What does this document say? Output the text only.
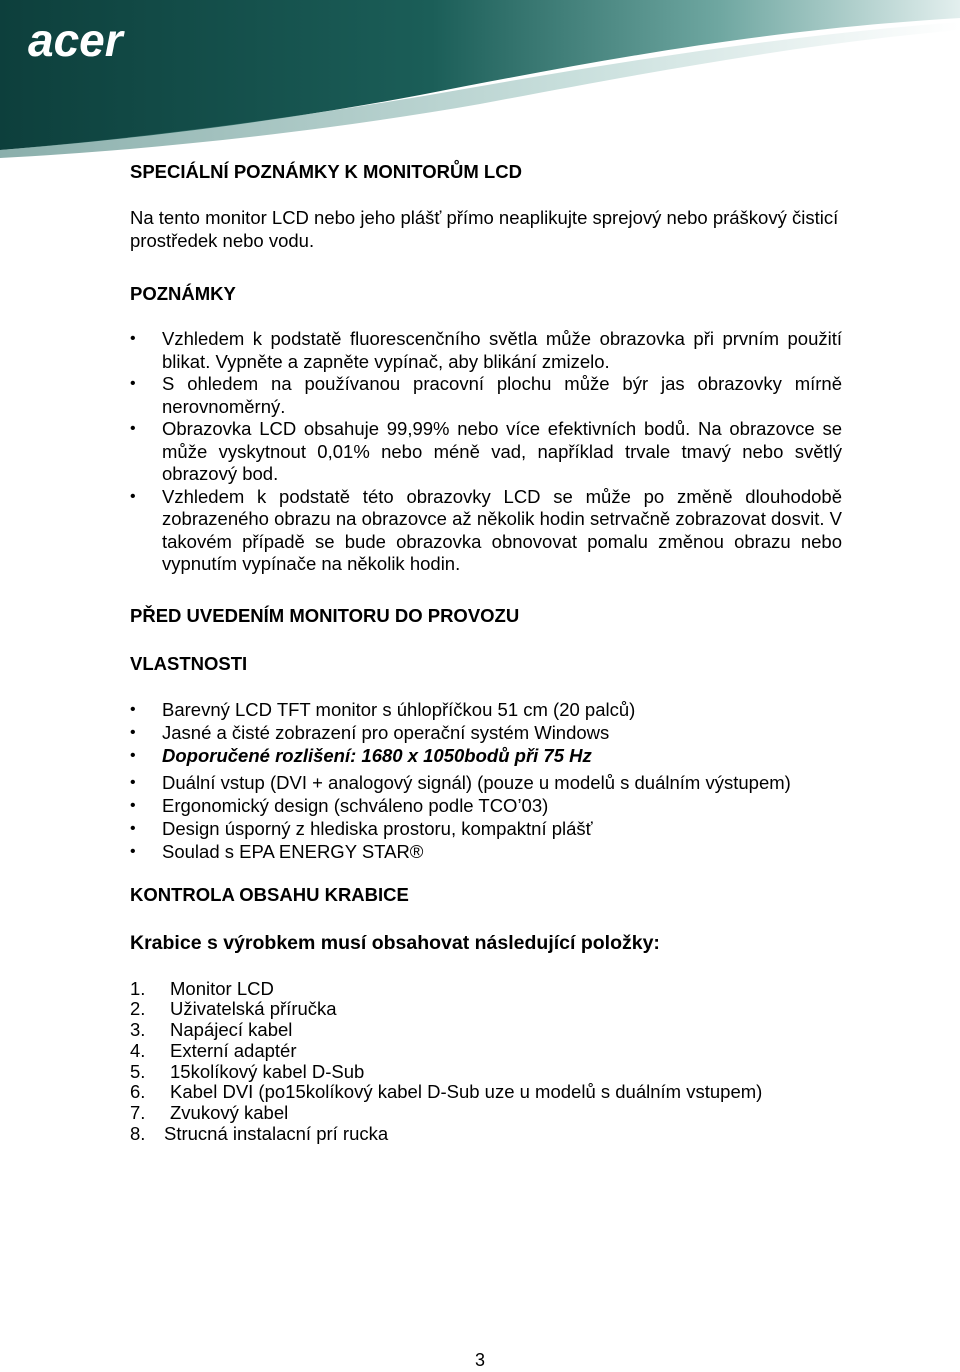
acer

SPECIÁLNÍ POZNÁMKY K MONITORŮM LCD

Na tento monitor LCD nebo jeho plášť přímo neaplikujte sprejový nebo práškový čisticí prostředek nebo vodu.

POZNÁMKY

• Vzhledem k podstatě fluorescenčního světla může obrazovka při prvním použití blikat. Vypněte a zapněte vypínač, aby blikání zmizelo.
• S ohledem na používanou pracovní plochu může býr jas obrazovky mírně nerovnoměrný.
• Obrazovka LCD obsahuje 99,99% nebo více efektivních bodů. Na obrazovce se může vyskytnout 0,01% nebo méně vad, například trvale tmavý nebo světlý obrazový bod.
• Vzhledem k podstatě této obrazovky LCD se může po změně dlouhodobě zobrazeného obrazu na obrazovce až několik hodin setrvačně zobrazovat dosvit. V takovém případě se bude obrazovka obnovovat pomalu změnou obrazu nebo vypnutím vypínače na několik hodin.

PŘED UVEDENÍM MONITORU DO PROVOZU

VLASTNOSTI

• Barevný LCD TFT monitor s úhlopříčkou 51 cm (20 palců)
• Jasné a čisté zobrazení pro operační systém Windows
• Doporučené rozlišení: 1680 x 1050bodů při 75 Hz
• Duální vstup (DVI + analogový signál) (pouze u modelů s duálním výstupem)
• Ergonomický design (schváleno podle TCO’03)
• Design úsporný z hlediska prostoru, kompaktní plášť
• Soulad s EPA ENERGY STAR®

KONTROLA OBSAHU KRABICE

Krabice s výrobkem musí obsahovat následující položky:

1.	Monitor LCD
2.	Uživatelská příručka
3.	Napájecí kabel
4.	Externí adaptér
5.	15kolíkový kabel D-Sub
6.	Kabel DVI (po15kolíkový kabel D-Sub uze u modelů s duálním vstupem)
7.	Zvukový kabel
8.	Strucná instalacní prí rucka
3
